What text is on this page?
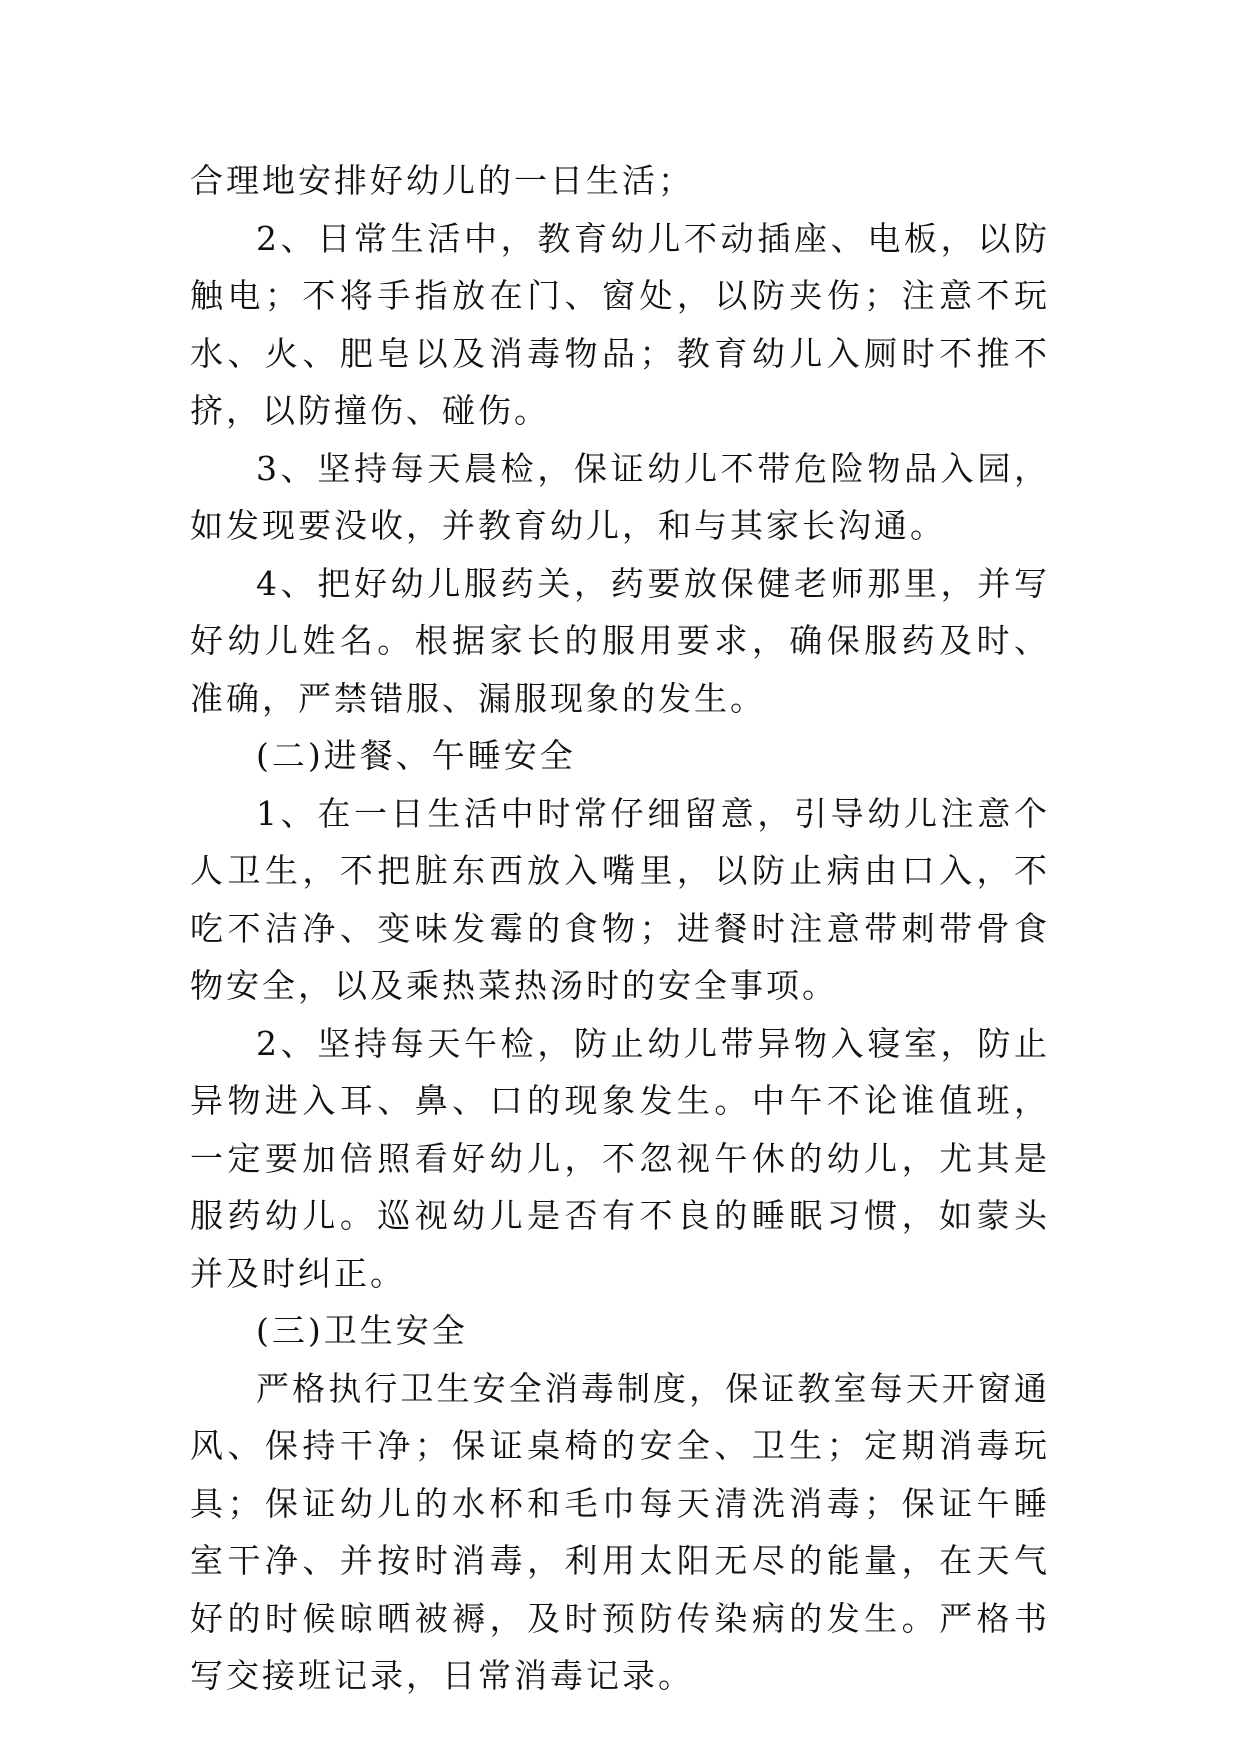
合理地安排好幼儿的一日生活；

2、日常生活中，教育幼儿不动插座、电板，以防触电；不将手指放在门、窗处，以防夹伤；注意不玩水、火、肥皂以及消毒物品；教育幼儿入厕时不推不挤，以防撞伤、碰伤。

3、坚持每天晨检，保证幼儿不带危险物品入园，如发现要没收，并教育幼儿，和与其家长沟通。

4、把好幼儿服药关，药要放保健老师那里，并写好幼儿姓名。根据家长的服用要求，确保服药及时、准确，严禁错服、漏服现象的发生。

(二)进餐、午睡安全

1、在一日生活中时常仔细留意，引导幼儿注意个人卫生，不把脏东西放入嘴里，以防止病由口入，不吃不洁净、变味发霉的食物；进餐时注意带刺带骨食物安全，以及乘热菜热汤时的安全事项。

2、坚持每天午检，防止幼儿带异物入寝室，防止异物进入耳、鼻、口的现象发生。中午不论谁值班，一定要加倍照看好幼儿，不忽视午休的幼儿，尤其是服药幼儿。巡视幼儿是否有不良的睡眠习惯，如蒙头并及时纠正。

(三)卫生安全

严格执行卫生安全消毒制度，保证教室每天开窗通风、保持干净；保证桌椅的安全、卫生；定期消毒玩具；保证幼儿的水杯和毛巾每天清洗消毒；保证午睡室干净、并按时消毒，利用太阳无尽的能量，在天气好的时候晾晒被褥，及时预防传染病的发生。严格书写交接班记录，日常消毒记录。
